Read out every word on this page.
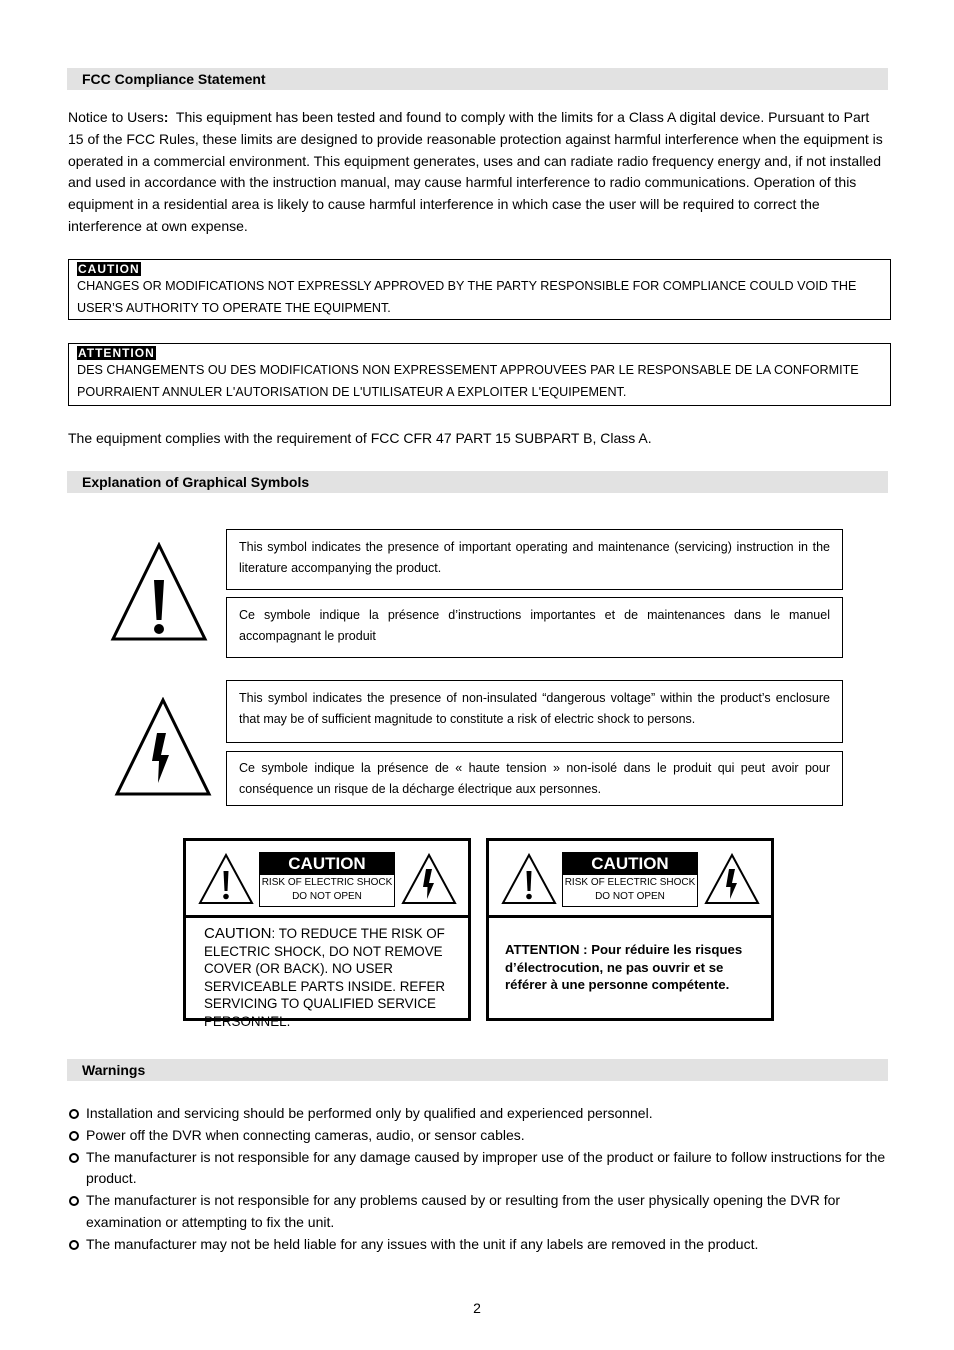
FCC Compliance Statement
Notice to Users: This equipment has been tested and found to comply with the limits for a Class A digital device. Pursuant to Part 15 of the FCC Rules, these limits are designed to provide reasonable protection against harmful interference when the equipment is operated in a commercial environment. This equipment generates, uses and can radiate radio frequency energy and, if not installed and used in accordance with the instruction manual, may cause harmful interference to radio communications. Operation of this equipment in a residential area is likely to cause harmful interference in which case the user will be required to correct the interference at own expense.
CAUTION
CHANGES OR MODIFICATIONS NOT EXPRESSLY APPROVED BY THE PARTY RESPONSIBLE FOR COMPLIANCE COULD VOID THE USER’S AUTHORITY TO OPERATE THE EQUIPMENT.
ATTENTION
DES CHANGEMENTS OU DES MODIFICATIONS NON EXPRESSEMENT APPROUVEES PAR LE RESPONSABLE DE LA CONFORMITE POURRAIENT ANNULER L'AUTORISATION DE L'UTILISATEUR A EXPLOITER L'EQUIPEMENT.
The equipment complies with the requirement of FCC CFR 47 PART 15 SUBPART B, Class A.
Explanation of Graphical Symbols
This symbol indicates the presence of important operating and maintenance (servicing) instruction in the literature accompanying the product.
Ce symbole indique la présence d’instructions importantes et de maintenances dans le manuel accompagnant le produit
This symbol indicates the presence of non-insulated “dangerous voltage” within the product’s enclosure that may be of sufficient magnitude to constitute a risk of electric shock to persons.
Ce symbole indique la présence de « haute tension » non-isolé dans le produit qui peut avoir pour conséquence un risque de la décharge électrique aux personnes.
CAUTION
RISK OF ELECTRIC SHOCK
DO NOT OPEN
CAUTION: TO REDUCE THE RISK OF ELECTRIC SHOCK, DO NOT REMOVE COVER (OR BACK). NO USER SERVICEABLE PARTS INSIDE. REFER SERVICING TO QUALIFIED SERVICE PERSONNEL.
CAUTION
RISK OF ELECTRIC SHOCK
DO NOT OPEN
ATTENTION : Pour réduire les risques d’électrocution, ne pas ouvrir et se référer à une personne compétente.
Warnings
Installation and servicing should be performed only by qualified and experienced personnel.
Power off the DVR when connecting cameras, audio, or sensor cables.
The manufacturer is not responsible for any damage caused by improper use of the product or failure to follow instructions for the product.
The manufacturer is not responsible for any problems caused by or resulting from the user physically opening the DVR for examination or attempting to fix the unit.
The manufacturer may not be held liable for any issues with the unit if any labels are removed in the product.
2
